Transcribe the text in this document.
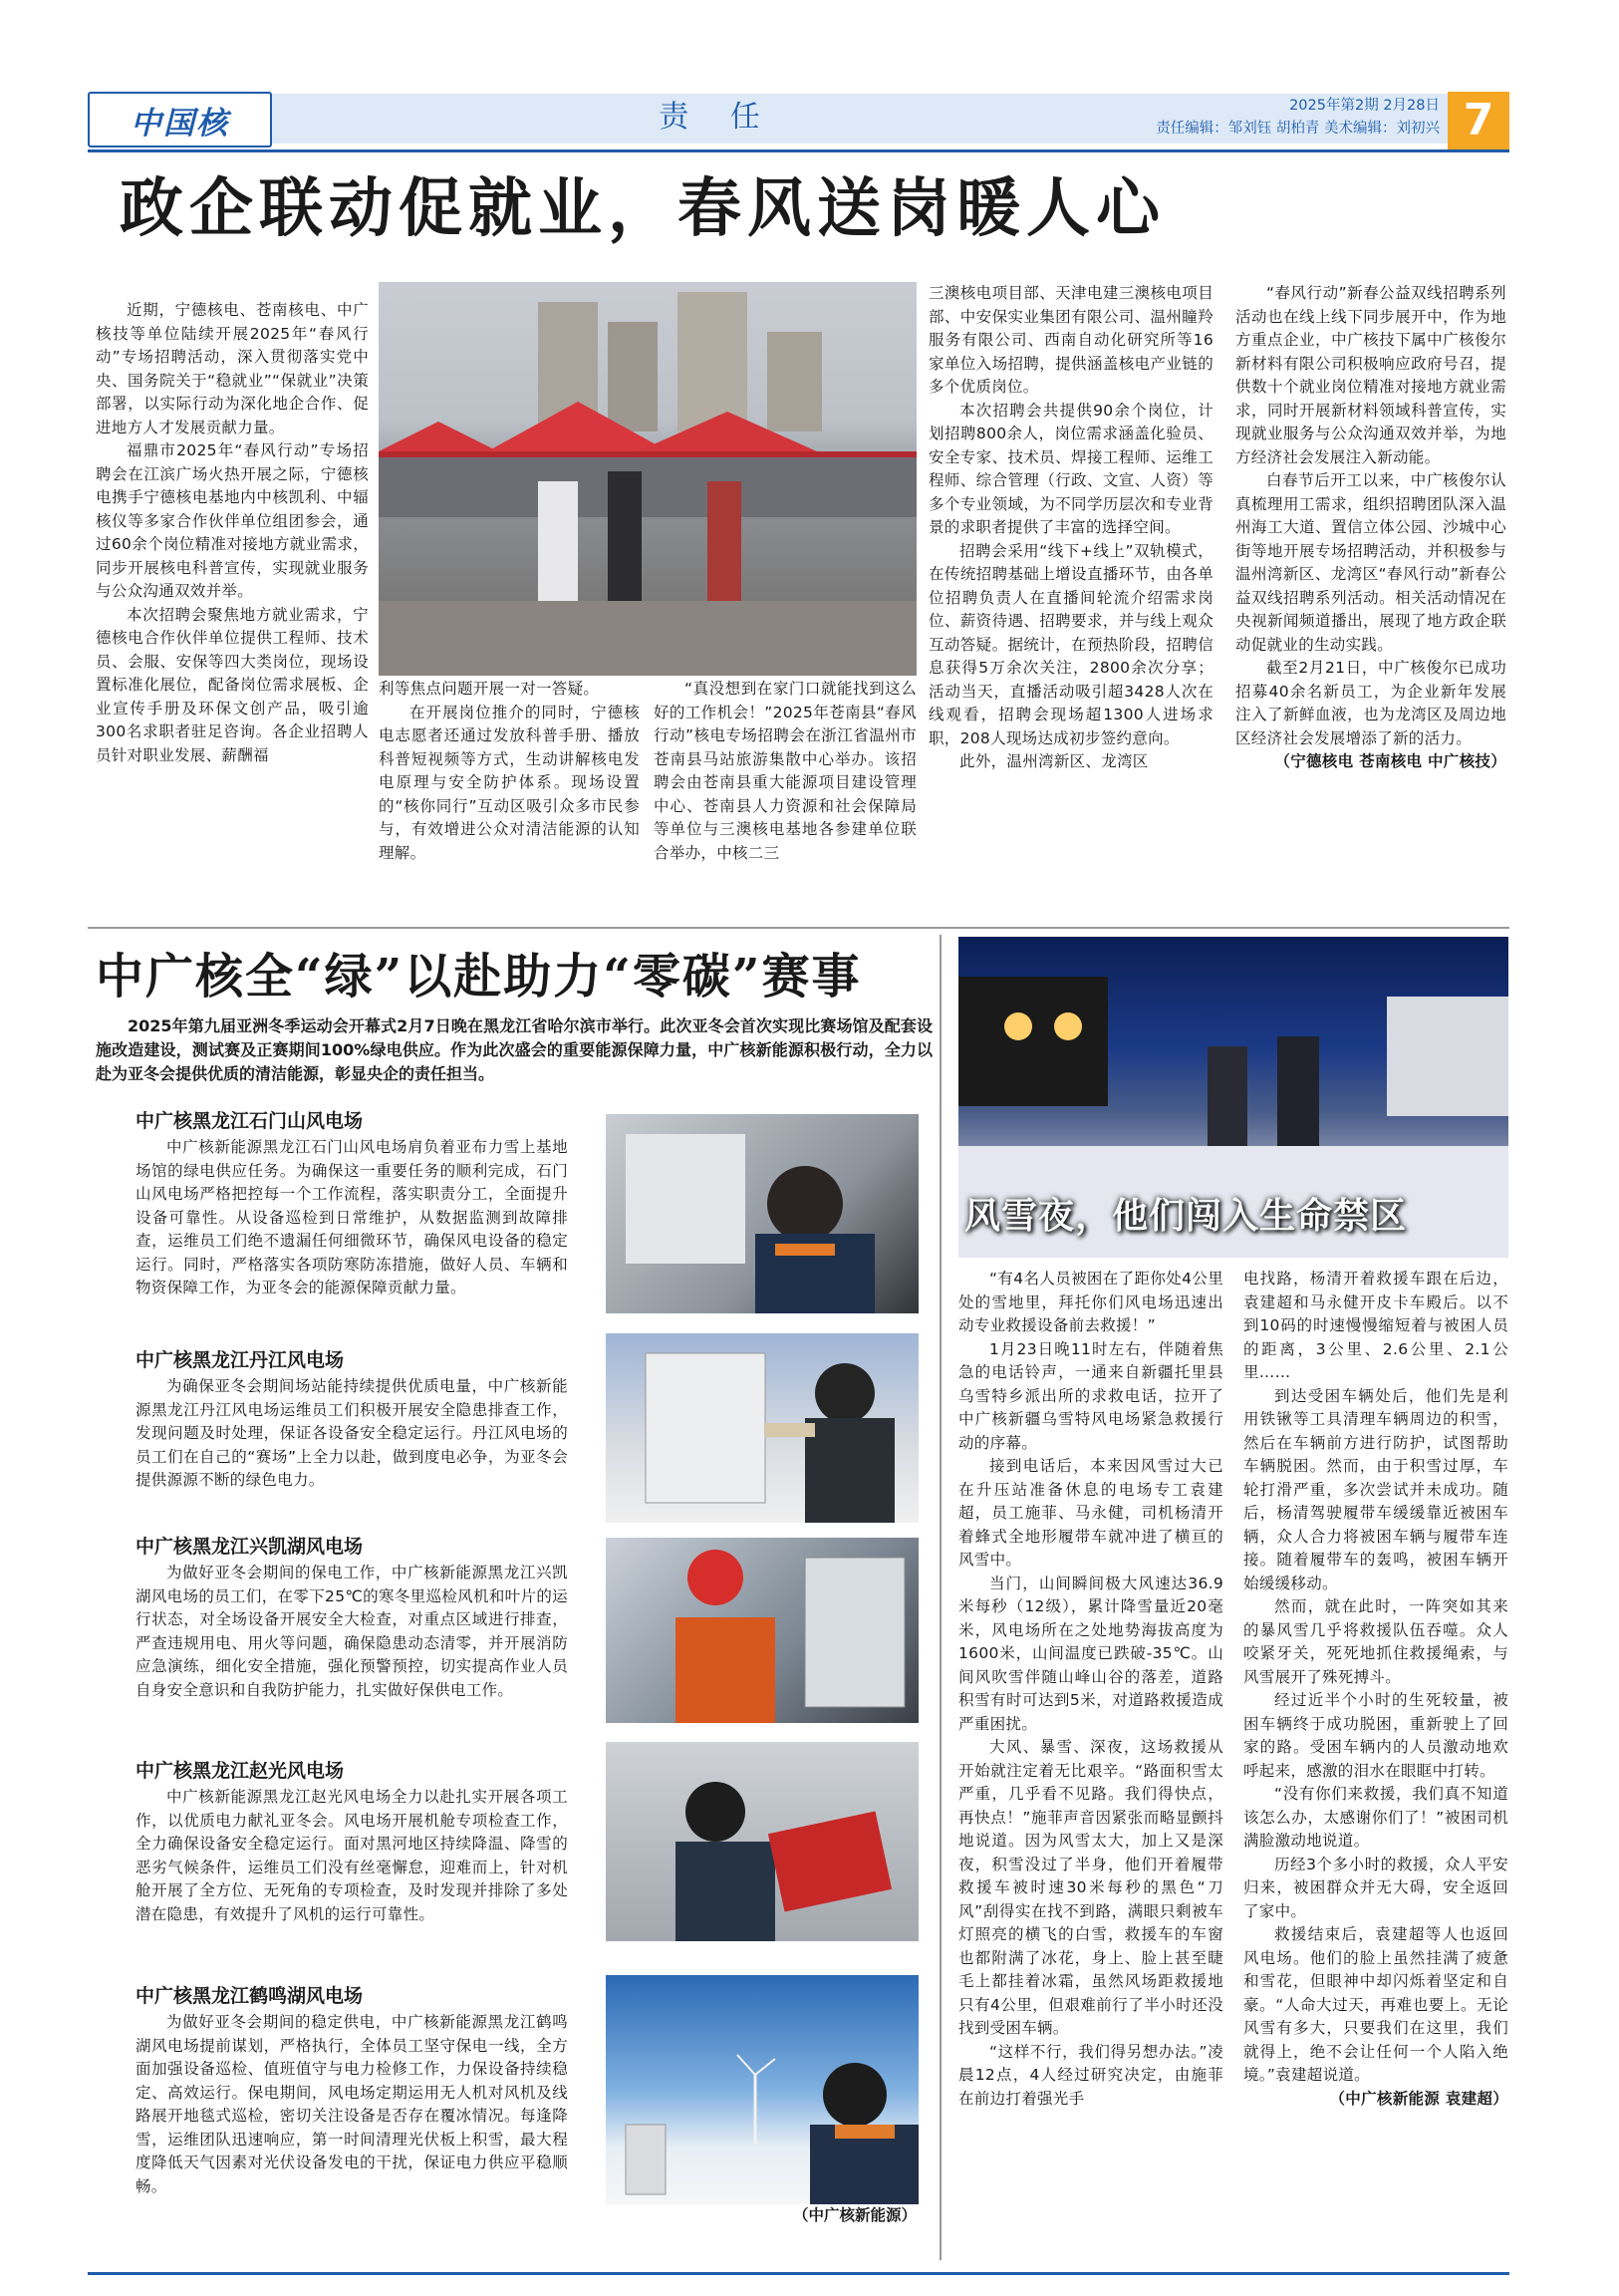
中国核	责 任	2025年第2期 2月28日
责任编辑：邹刘钰 胡柏青 美术编辑：刘初兴 7
政企联动促就业，春风送岗暖人心

近期，宁德核电、苍南核电、中广核技等单位陆续开展2025年“春风行动”专场招聘活动，深入贯彻落实党中央、国务院关于“稳就业”“保就业”决策部署，以实际行动为深化地企合作、促进地方人才发展贡献力量。

福鼎市2025年“春风行动”专场招聘会在江滨广场火热开展之际，宁德核电携手宁德核电基地内中核凯利、中辐核仪等多家合作伙伴单位组团参会，通过60余个岗位精准对接地方就业需求，同步开展核电科普宣传，实现就业服务与公众沟通双效并举。

本次招聘会聚焦地方就业需求，宁德核电合作伙伴单位提供工程师、技术员、会服、安保等四大类岗位，现场设置标准化展位，配备岗位需求展板、企业宣传手册及环保文创产品，吸引逾300名求职者驻足咨询。各企业招聘人员针对职业发展、薪酬福

利等焦点问题开展一对一答疑。

在开展岗位推介的同时，宁德核电志愿者还通过发放科普手册、播放科普短视频等方式，生动讲解核电发电原理与安全防护体系。现场设置的“核你同行”互动区吸引众多市民参与，有效增进公众对清洁能源的认知理解。

“真没想到在家门口就能找到这么好的工作机会！”2025年苍南县“春风行动”核电专场招聘会在浙江省温州市苍南县马站旅游集散中心举办。该招聘会由苍南县重大能源项目建设管理中心、苍南县人力资源和社会保障局等单位与三澳核电基地各参建单位联合举办，中核二三

三澳核电项目部、天津电建三澳核电项目部、中安保实业集团有限公司、温州瞳羚服务有限公司、西南自动化研究所等16家单位入场招聘，提供涵盖核电产业链的多个优质岗位。

本次招聘会共提供90余个岗位，计划招聘800余人，岗位需求涵盖化验员、安全专家、技术员、焊接工程师、运维工程师、综合管理（行政、文宣、人资）等多个专业领域，为不同学历层次和专业背景的求职者提供了丰富的选择空间。

招聘会采用“线下+线上”双轨模式，在传统招聘基础上增设直播环节，由各单位招聘负责人在直播间轮流介绍需求岗位、薪资待遇、招聘要求，并与线上观众互动答疑。据统计，在预热阶段，招聘信息获得5万余次关注，2800余次分享；活动当天，直播活动吸引超3428人次在线观看，招聘会现场超1300人进场求职，208人现场达成初步签约意向。

此外，温州湾新区、龙湾区

“春风行动”新春公益双线招聘系列活动也在线上线下同步展开中，作为地方重点企业，中广核技下属中广核俊尔新材料有限公司积极响应政府号召，提供数十个就业岗位精准对接地方就业需求，同时开展新材料领域科普宣传，实现就业服务与公众沟通双效并举，为地方经济社会发展注入新动能。

白春节后开工以来，中广核俊尔认真梳理用工需求，组织招聘团队深入温州海工大道、置信立体公园、沙城中心街等地开展专场招聘活动，并积极参与温州湾新区、龙湾区“春风行动”新春公益双线招聘系列活动。相关活动情况在央视新闻频道播出，展现了地方政企联动促就业的生动实践。

截至2月21日，中广核俊尔已成功招募40余名新员工，为企业新年发展注入了新鲜血液，也为龙湾区及周边地区经济社会发展增添了新的活力。

（宁德核电 苍南核电 中广核技）

中广核全“绿”以赴助力“零碳”赛事
2025年第九届亚洲冬季运动会开幕式2月7日晚在黑龙江省哈尔滨市举行。此次亚冬会首次实现比赛场馆及配套设施改造建设，测试赛及正赛期间100%绿电供应。作为此次盛会的重要能源保障力量，中广核新能源积极行动，全力以赴为亚冬会提供优质的清洁能源，彰显央企的责任担当。
中广核黑龙江石门山风电场

中广核新能源黑龙江石门山风电场肩负着亚布力雪上基地场馆的绿电供应任务。为确保这一重要任务的顺利完成，石门山风电场严格把控每一个工作流程，落实职责分工，全面提升设备可靠性。从设备巡检到日常维护，从数据监测到故障排查，运维员工们绝不遗漏任何细微环节，确保风电设备的稳定运行。同时，严格落实各项防寒防冻措施，做好人员、车辆和物资保障工作，为亚冬会的能源保障贡献力量。

中广核黑龙江丹江风电场

为确保亚冬会期间场站能持续提供优质电量，中广核新能源黑龙江丹江风电场运维员工们积极开展安全隐患排查工作，发现问题及时处理，保证各设备安全稳定运行。丹江风电场的员工们在自己的“赛场”上全力以赴，做到度电必争，为亚冬会提供源源不断的绿色电力。

中广核黑龙江兴凯湖风电场

为做好亚冬会期间的保电工作，中广核新能源黑龙江兴凯湖风电场的员工们，在零下25℃的寒冬里巡检风机和叶片的运行状态，对全场设备开展安全大检查，对重点区域进行排查，严查违规用电、用火等问题，确保隐患动态清零，并开展消防应急演练，细化安全措施，强化预警预控，切实提高作业人员自身安全意识和自我防护能力，扎实做好保供电工作。

中广核黑龙江赵光风电场

中广核新能源黑龙江赵光风电场全力以赴扎实开展各项工作，以优质电力献礼亚冬会。风电场开展机舱专项检查工作，全力确保设备安全稳定运行。面对黑河地区持续降温、降雪的恶劣气候条件，运维员工们没有丝毫懈怠，迎难而上，针对机舱开展了全方位、无死角的专项检查，及时发现并排除了多处潜在隐患，有效提升了风机的运行可靠性。

中广核黑龙江鹤鸣湖风电场

为做好亚冬会期间的稳定供电，中广核新能源黑龙江鹤鸣湖风电场提前谋划，严格执行，全体员工坚守保电一线，全方面加强设备巡检、值班值守与电力检修工作，力保设备持续稳定、高效运行。保电期间，风电场定期运用无人机对风机及线路展开地毯式巡检，密切关注设备是否存在覆冰情况。每逢降雪，运维团队迅速响应，第一时间清理光伏板上积雪，最大程度降低天气因素对光伏设备发电的干扰，保证电力供应平稳顺畅。

（中广核新能源）
风雪夜，他们闯入生命禁区

“有4名人员被困在了距你处4公里处的雪地里，拜托你们风电场迅速出动专业救援设备前去救援！”

1月23日晚11时左右，伴随着焦急的电话铃声，一通来自新疆托里县乌雪特乡派出所的求救电话，拉开了中广核新疆乌雪特风电场紧急救援行动的序幕。

接到电话后，本来因风雪过大已在升压站准备休息的电场专工袁建超，员工施菲、马永健，司机杨清开着蜂式全地形履带车就冲进了横亘的风雪中。

当门，山间瞬间极大风速达36.9米每秒（12级），累计降雪量近20毫米，风电场所在之处地势海拔高度为1600米，山间温度已跌破-35℃。山间风吹雪伴随山峰山谷的落差，道路积雪有时可达到5米，对道路救援造成严重困扰。

大风、暴雪、深夜，这场救援从开始就注定着无比艰辛。“路面积雪太严重，几乎看不见路。我们得快点，再快点！”施菲声音因紧张而略显颤抖地说道。因为风雪太大，加上又是深夜，积雪没过了半身，他们开着履带救援车被时速30米每秒的黑色“刀风”刮得实在找不到路，满眼只剩被车灯照亮的横飞的白雪，救援车的车窗也都附满了冰花，身上、脸上甚至睫毛上都挂着冰霜，虽然风场距救援地只有4公里，但艰难前行了半小时还没找到受困车辆。

“这样不行，我们得另想办法。”凌晨12点，4人经过研究决定，由施菲在前边打着强光手

电找路，杨清开着救援车跟在后边，袁建超和马永健开皮卡车殿后。以不到10码的时速慢慢缩短着与被困人员的距离，3公里、2.6公里、2.1公里……

到达受困车辆处后，他们先是利用铁锹等工具清理车辆周边的积雪，然后在车辆前方进行防护，试图帮助车辆脱困。然而，由于积雪过厚，车轮打滑严重，多次尝试并未成功。随后，杨清驾驶履带车缓缓靠近被困车辆，众人合力将被困车辆与履带车连接。随着履带车的轰鸣，被困车辆开始缓缓移动。

然而，就在此时，一阵突如其来的暴风雪几乎将救援队伍吞噬。众人咬紧牙关，死死地抓住救援绳索，与风雪展开了殊死搏斗。

经过近半个小时的生死较量，被困车辆终于成功脱困，重新驶上了回家的路。受困车辆内的人员激动地欢呼起来，感激的泪水在眼眶中打转。

“没有你们来救援，我们真不知道该怎么办，太感谢你们了！”被困司机满脸激动地说道。

历经3个多小时的救援，众人平安归来，被困群众并无大碍，安全返回了家中。

救援结束后，袁建超等人也返回风电场。他们的脸上虽然挂满了疲惫和雪花，但眼神中却闪烁着坚定和自豪。“人命大过天，再难也要上。无论风雪有多大，只要我们在这里，我们就得上，绝不会让任何一个人陷入绝境。”袁建超说道。

（中广核新能源 袁建超）
